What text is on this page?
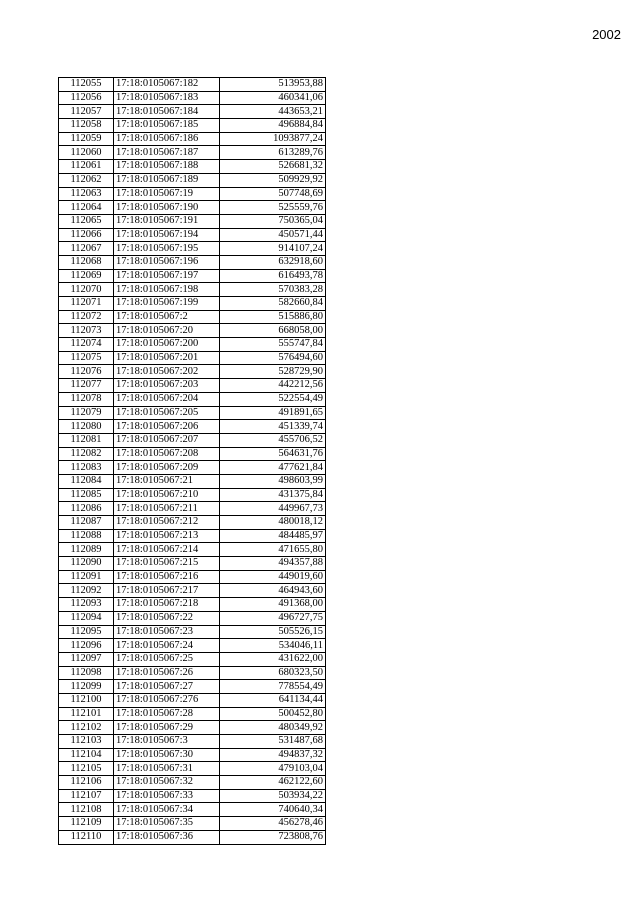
2002
112055	17:18:0105067:182	513953,88
112056	17:18:0105067:183	460341,06
112057	17:18:0105067:184	443653,21
112058	17:18:0105067:185	496884,84
112059	17:18:0105067:186	1093877,24
112060	17:18:0105067:187	613289,76
112061	17:18:0105067:188	526681,32
112062	17:18:0105067:189	509929,92
112063	17:18:0105067:19	507748,69
112064	17:18:0105067:190	525559,76
112065	17:18:0105067:191	750365,04
112066	17:18:0105067:194	450571,44
112067	17:18:0105067:195	914107,24
112068	17:18:0105067:196	632918,60
112069	17:18:0105067:197	616493,78
112070	17:18:0105067:198	570383,28
112071	17:18:0105067:199	582660,84
112072	17:18:0105067:2	515886,80
112073	17:18:0105067:20	668058,00
112074	17:18:0105067:200	555747,84
112075	17:18:0105067:201	576494,60
112076	17:18:0105067:202	528729,90
112077	17:18:0105067:203	442212,56
112078	17:18:0105067:204	522554,49
112079	17:18:0105067:205	491891,65
112080	17:18:0105067:206	451339,74
112081	17:18:0105067:207	455706,52
112082	17:18:0105067:208	564631,76
112083	17:18:0105067:209	477621,84
112084	17:18:0105067:21	498603,99
112085	17:18:0105067:210	431375,84
112086	17:18:0105067:211	449967,73
112087	17:18:0105067:212	480018,12
112088	17:18:0105067:213	484485,97
112089	17:18:0105067:214	471655,80
112090	17:18:0105067:215	494357,88
112091	17:18:0105067:216	449019,60
112092	17:18:0105067:217	464943,60
112093	17:18:0105067:218	491368,00
112094	17:18:0105067:22	496727,75
112095	17:18:0105067:23	505526,15
112096	17:18:0105067:24	534046,11
112097	17:18:0105067:25	431622,00
112098	17:18:0105067:26	680323,50
112099	17:18:0105067:27	778554,49
112100	17:18:0105067:276	641134,44
112101	17:18:0105067:28	500452,80
112102	17:18:0105067:29	480349,92
112103	17:18:0105067:3	531487,68
112104	17:18:0105067:30	494837,32
112105	17:18:0105067:31	479103,04
112106	17:18:0105067:32	462122,60
112107	17:18:0105067:33	503934,22
112108	17:18:0105067:34	740640,34
112109	17:18:0105067:35	456278,46
112110	17:18:0105067:36	723808,76
